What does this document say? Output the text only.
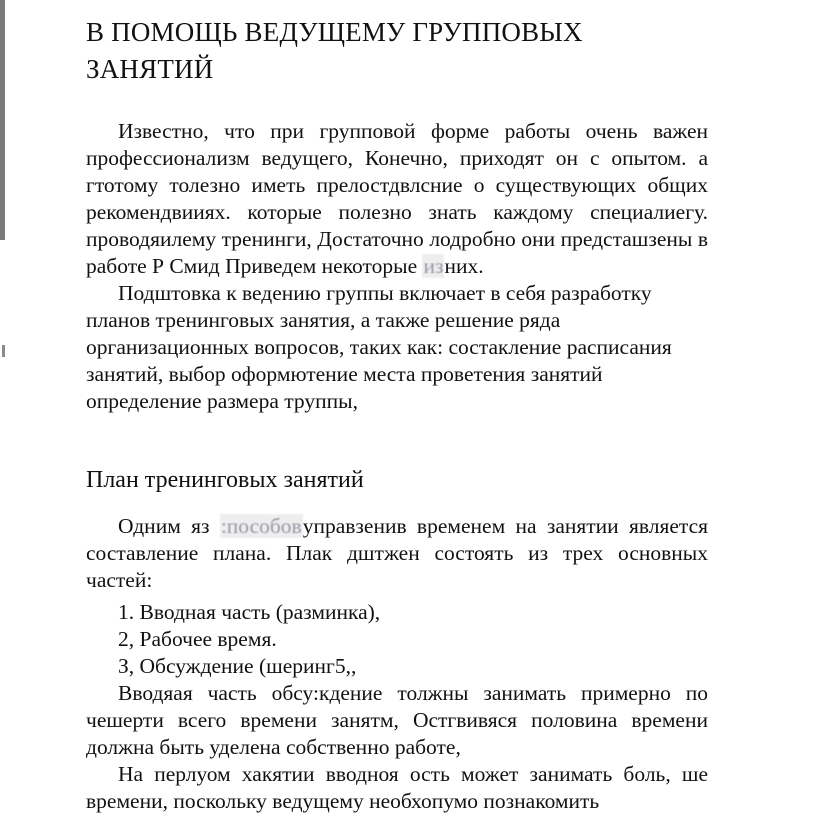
В ПОМОЩЬ ВЕДУЩЕМУ ГРУППОВЫХ ЗАНЯТИЙ

Известно, что при групповой форме работы очень важен профессионализм ведущего, Конечно, приходят он с опытом. а гтотому толезно иметь прелостдвлсние о существующих общих рекомендвииях. которые полезно знать каждому специалиегу. проводяилему тренинги, Достаточно лодробно они предсташзены в работе Р Смид Приведем некоторые изних.

Подштовка к ведению группы включает в себя разработку планов тренинговых занятия, а также решение ряда организационных вопросов, таких как: состакление расписания занятий, выбор оформютение места проветения занятий определение размера труппы,

План тренинговых занятий

Одним яз :пособовуправзенив временем на занятии является составление плана. Плак дштжен состоять из трех основных частей:

1. Вводная часть (разминка),

2, Рабочее время.

З, Обсуждение (шеринг5,,

Вводяая часть обсу:кдение толжны занимать примерно по чешерти всего времени занятм, Остгвивяся половина времени должна быть уделена собственно работе,

На перлуом хакятии вводноя ость может занимать боль, ше времени, поскольку ведущему необхопумо познакомить
